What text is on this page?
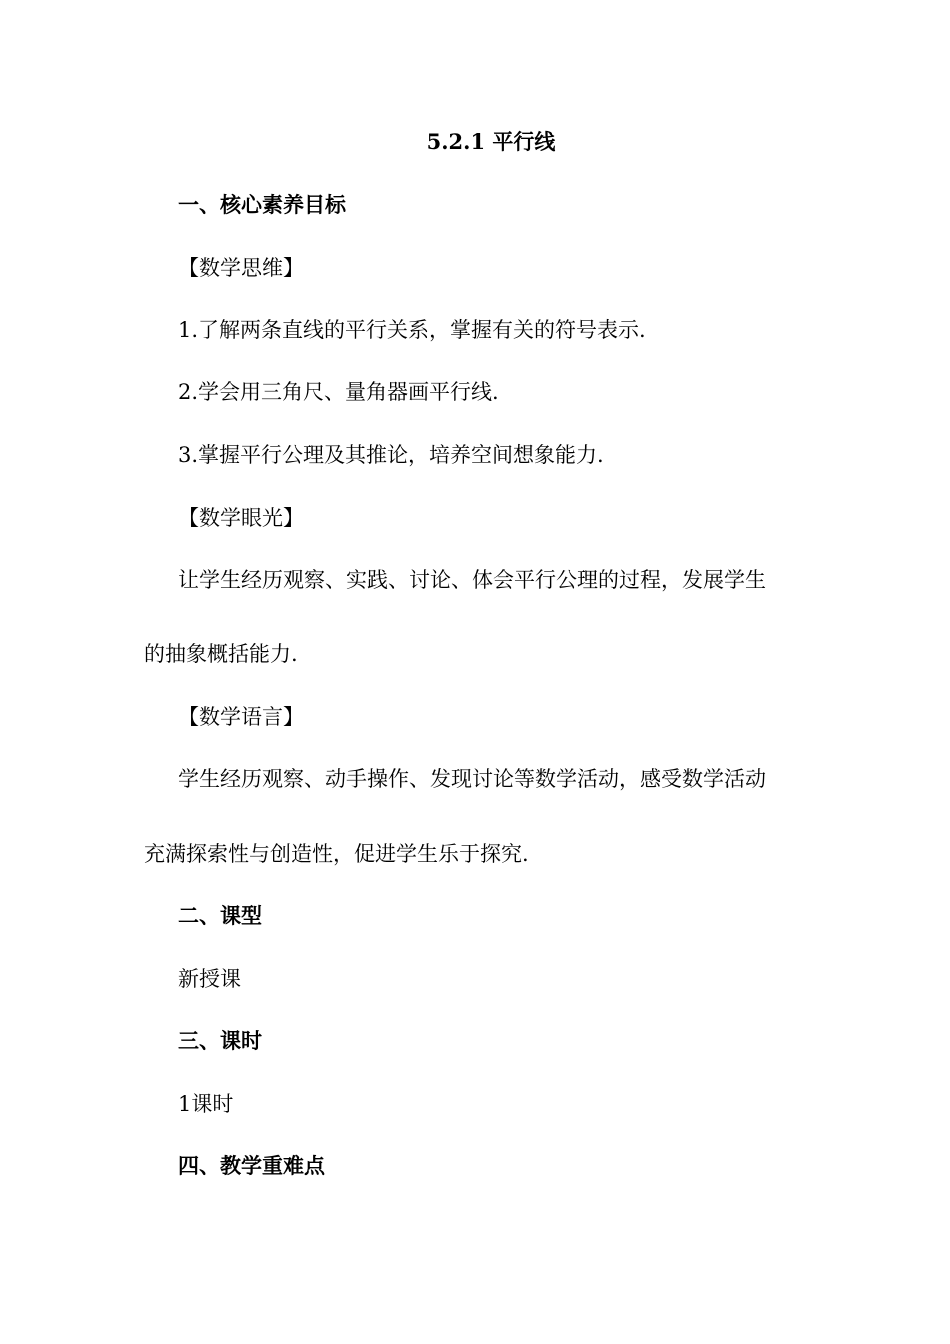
5.2.1 平行线
一、核心素养目标
【数学思维】
1.了解两条直线的平行关系，掌握有关的符号表示.
2.学会用三角尺、量角器画平行线.
3.掌握平行公理及其推论，培养空间想象能力.
【数学眼光】
让学生经历观察、实践、讨论、体会平行公理的过程，发展学生
的抽象概括能力.
【数学语言】
学生经历观察、动手操作、发现讨论等数学活动，感受数学活动
充满探索性与创造性，促进学生乐于探究.
二、课型
新授课
三、课时
1课时
四、教学重难点
